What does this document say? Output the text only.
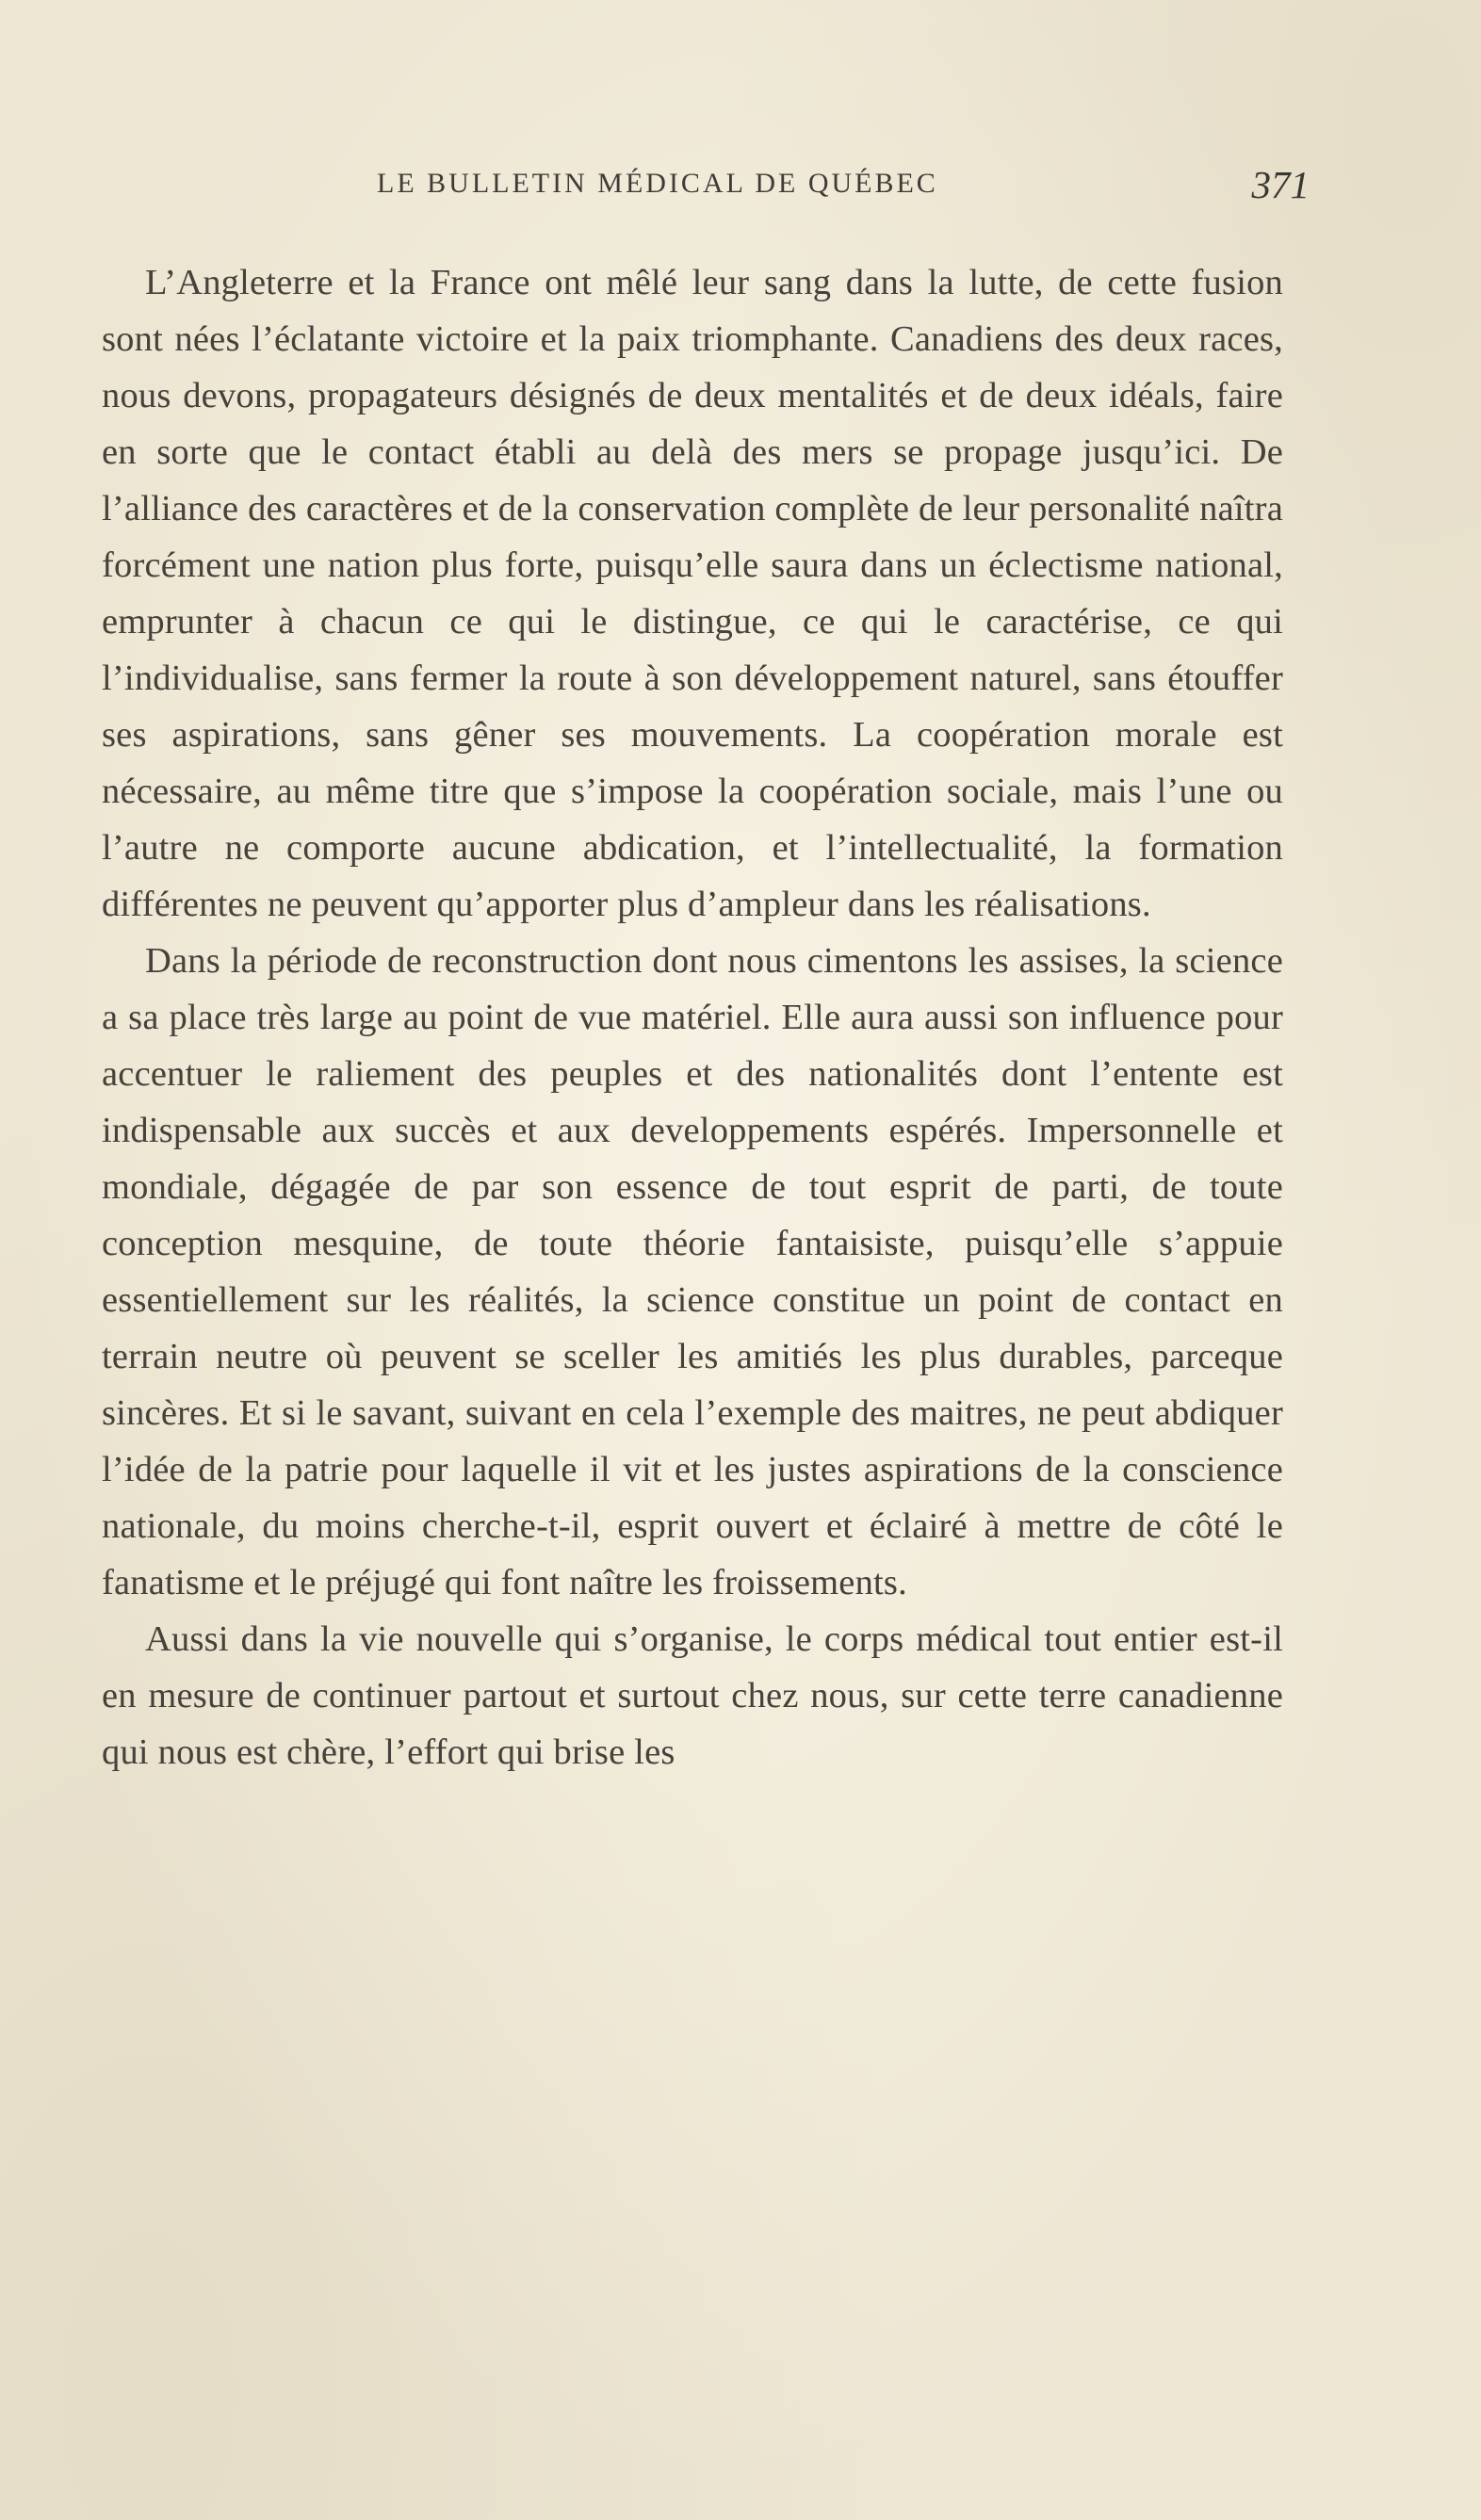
LE BULLETIN MÉDICAL DE QUÉBEC	371

L’Angleterre et la France ont mêlé leur sang dans la lutte, de cette fusion sont nées l’éclatante victoire et la paix triomphante. Canadiens des deux races, nous devons, propagateurs désignés de deux mentalités et de deux idéals, faire en sorte que le contact établi au delà des mers se propage jusqu’ici. De l’alliance des caractères et de la conservation complète de leur personalité naîtra forcément une nation plus forte, puisqu’elle saura dans un éclectisme national, emprunter à chacun ce qui le distingue, ce qui le caractérise, ce qui l’individualise, sans fermer la route à son développement naturel, sans étouffer ses aspirations, sans gêner ses mouvements. La coopération morale est nécessaire, au même titre que s’impose la coopération sociale, mais l’une ou l’autre ne comporte aucune abdication, et l’intellectualité, la formation différentes ne peuvent qu’apporter plus d’ampleur dans les réalisations.

Dans la période de reconstruction dont nous cimentons les assises, la science a sa place très large au point de vue matériel. Elle aura aussi son influence pour accentuer le raliement des peuples et des nationalités dont l’entente est indispensable aux succès et aux developpements espérés. Impersonnelle et mondiale, dégagée de par son essence de tout esprit de parti, de toute conception mesquine, de toute théorie fantaisiste, puisqu’elle s’appuie essentiellement sur les réalités, la science constitue un point de contact en terrain neutre où peuvent se sceller les amitiés les plus durables, parceque sincères. Et si le savant, suivant en cela l’exemple des maitres, ne peut abdiquer l’idée de la patrie pour laquelle il vit et les justes aspirations de la conscience nationale, du moins cherche-t-il, esprit ouvert et éclairé à mettre de côté le fanatisme et le préjugé qui font naître les froissements.

Aussi dans la vie nouvelle qui s’organise, le corps médical tout entier est-il en mesure de continuer partout et surtout chez nous, sur cette terre canadienne qui nous est chère, l’effort qui brise les
